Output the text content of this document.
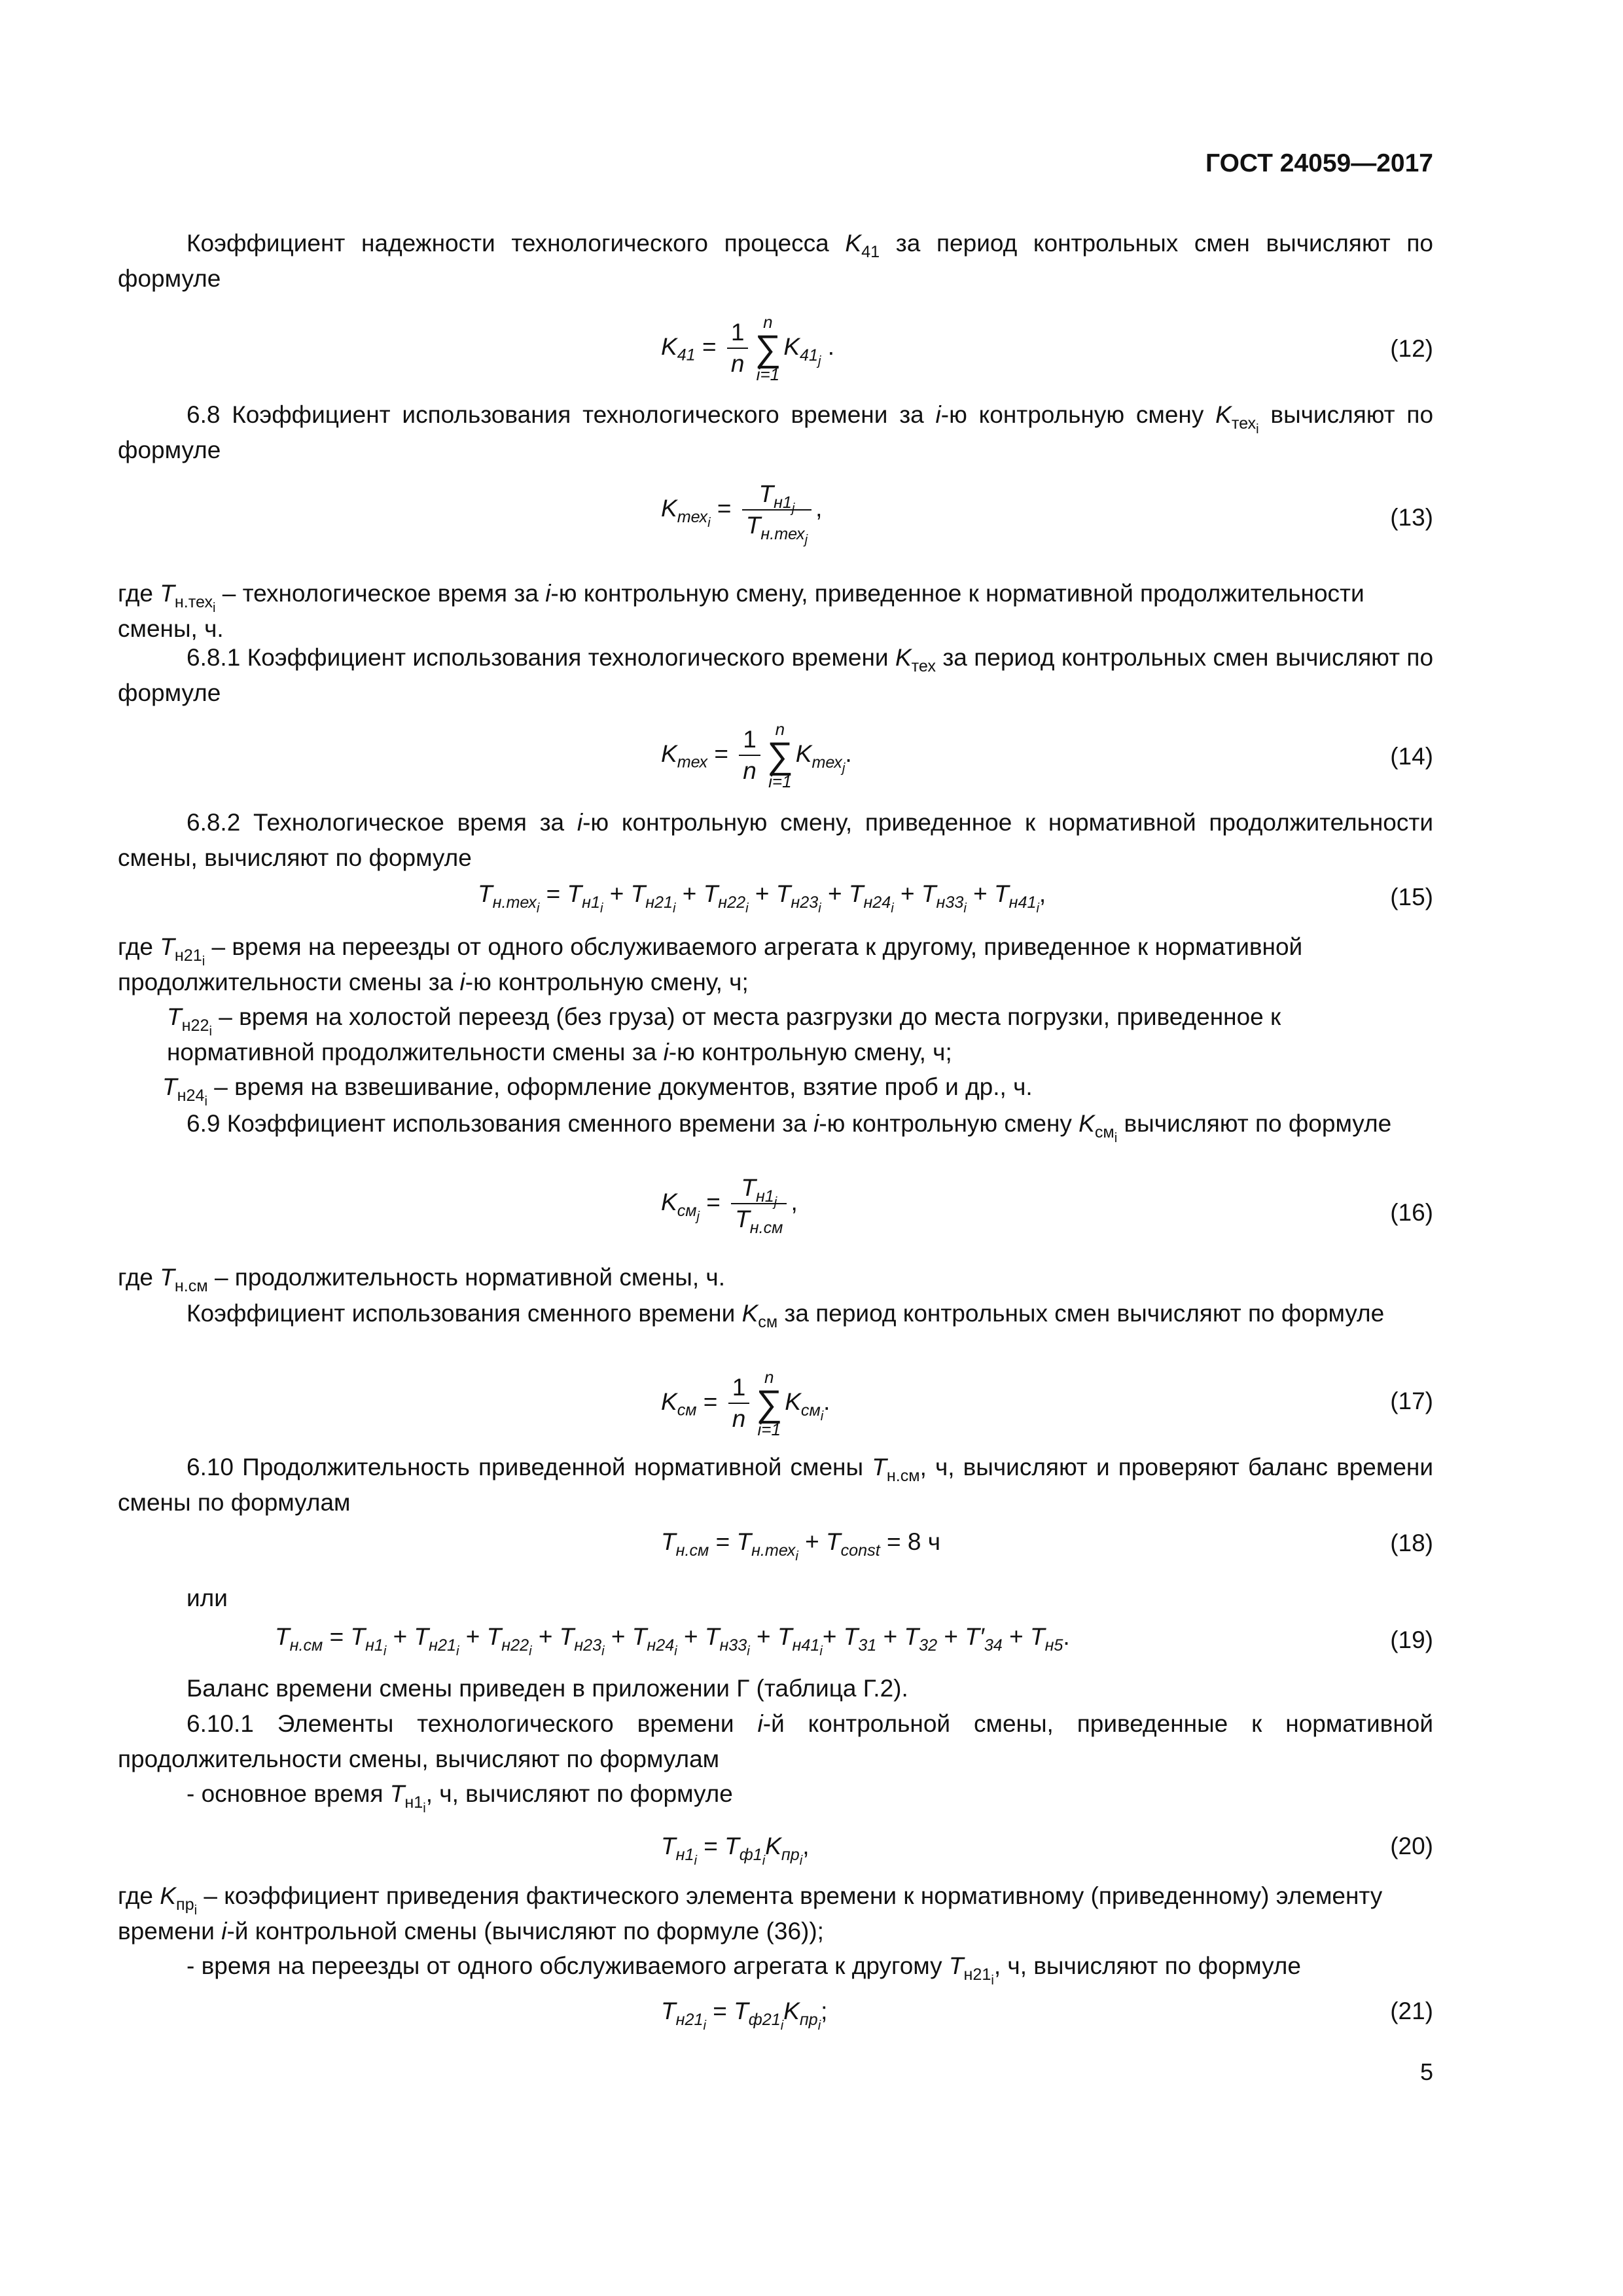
ГОСТ 24059—2017
Коэффициент надежности технологического процесса $K_{41}$ за период контрольных смен вычисляют по формуле
$K_{41} = \frac{1}{n}$ n
∑
i=1
$K_{41_j}$ .	(12)
6.8 Коэффициент использования технологического времени за i-ю контрольную смену $K_{тех_i}$ вычисляют по формуле
$K_{тех_i} = \frac{T_{н1_j}}{T_{н.тех_j}}$ ,	(13)
где $T_{н.тех_i}$ – технологическое время за i-ю контрольную смену, приведенное к нормативной продолжительности смены, ч.
6.8.1 Коэффициент использования технологического времени $K_{тех}$ за период контрольных смен вычисляют по формуле
$K_{тех} = \frac{1}{n}$ n
∑
i=1
$K_{тех_j}$.	(14)
6.8.2 Технологическое время за i-ю контрольную смену, приведенное к нормативной продолжительности смены, вычисляют по формуле
$T_{н.тех_i} = T_{н1_i} + T_{н21_i} + T_{н22_i} + T_{н23_i} + T_{н24_i} + T_{н33_i} + T_{н41_i}$,	(15)
где $T_{н21_i}$ – время на переезды от одного обслуживаемого агрегата к другому, приведенное к нормативной продолжительности смены за i-ю контрольную смену, ч;
$T_{н22_i}$ – время на холостой переезд (без груза) от места разгрузки до места погрузки, приведенное к нормативной продолжительности смены за i-ю контрольную смену, ч;
$T_{н24_i}$ – время на взвешивание, оформление документов, взятие проб и др., ч.
6.9 Коэффициент использования сменного времени за i-ю контрольную смену $K_{см_i}$ вычисляют по формуле
$K_{см_j} = \frac{T_{н1_j}}{T_{н.см}}$ ,	(16)
где $T_{н.см}$ – продолжительность нормативной смены, ч.
Коэффициент использования сменного времени $K_{см}$ за период контрольных смен вычисляют по формуле
$K_{см} = \frac{1}{n}$ n
∑
i=1
$K_{см_i}$.	(17)
6.10 Продолжительность приведенной нормативной смены $T_{н.см}$, ч, вычисляют и проверяют баланс времени смены по формулам
$T_{н.см} = T_{н.тех_i} + T_{const} = 8$ ч	(18)
или
$T_{н.см} = T_{н1_i} + T_{н21_i} + T_{н22_i} + T_{н23_i} + T_{н24_i} + T_{н33_i} + T_{н41_i}+ T_{31} + T_{32} + T'_{34} + T_{н5}$.	(19)
Баланс времени смены приведен в приложении Г (таблица Г.2).
6.10.1 Элементы технологического времени i-й контрольной смены, приведенные к нормативной продолжительности смены, вычисляют по формулам
- основное время $T_{н1_i}$, ч, вычисляют по формуле
$T_{н1_i} = T_{ф1_i}K_{пр_i}$,	(20)
где $K_{пр_i}$ – коэффициент приведения фактического элемента времени к нормативному (приведенному) элементу времени i-й контрольной смены (вычисляют по формуле (36));
- время на переезды от одного обслуживаемого агрегата к другому $T_{н21_i}$, ч, вычисляют по формуле
$T_{н21_i} = T_{ф21_i}K_{пр_i}$;	(21)
5
